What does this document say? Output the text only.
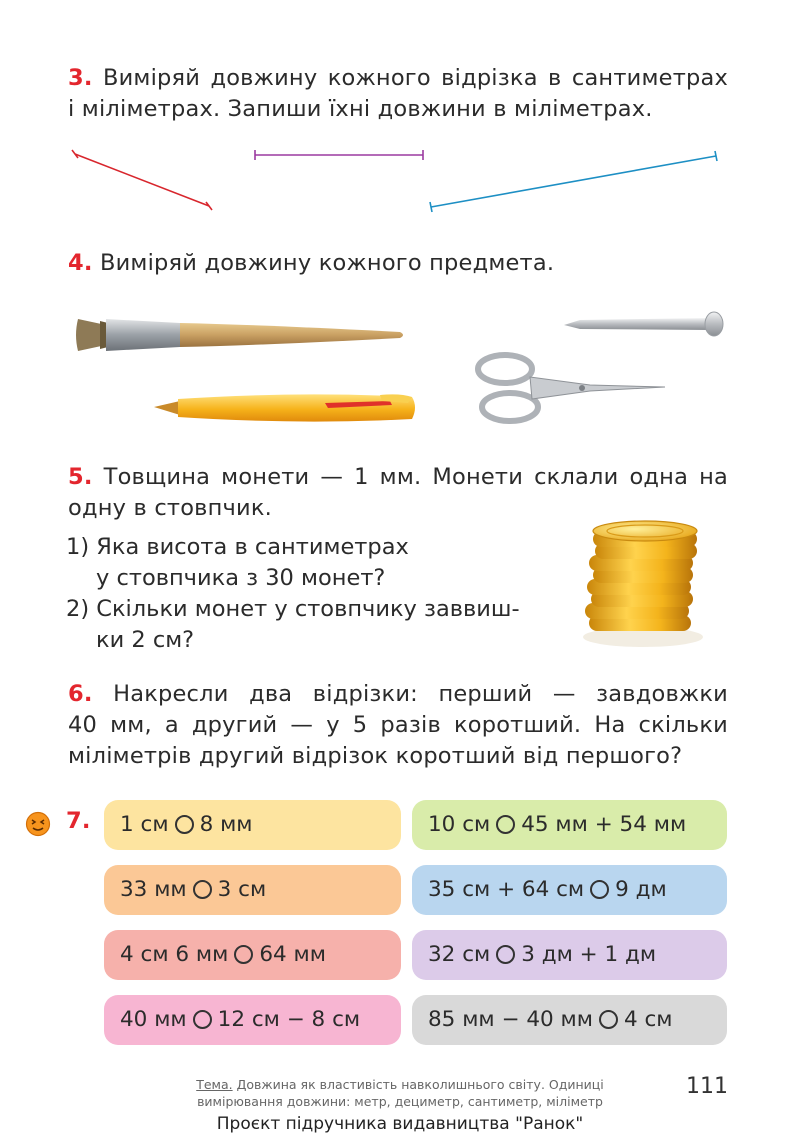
3. Виміряй довжину кожного відрізка в сантиметрах
і міліметрах. Запиши їхні довжини в міліметрах.
4. Виміряй довжину кожного предмета.
5. Товщина монети — 1 мм. Монети склали одна на
одну в стовпчик.
1) Яка висота в сантиметрах
у стовпчика з 30 монет?
2) Скільки монет у стовпчику заввиш-
ки 2 см?
6. Накресли два відрізки: перший — завдовжки
40 мм, а другий — у 5 разів коротший. На скільки
міліметрів другий відрізок коротший від першого?
7.	1 см 8 мм	10 см 45 мм + 54 мм
33 мм 3 см	35 см + 64 см 9 дм
4 см 6 мм 64 мм	32 см 3 дм + 1 дм
40 мм 12 см − 8 см	85 мм − 40 мм 4 см
Тема. Довжина як властивість навколишнього світу. Одиниці
вимірювання довжини: метр, дециметр, сантиметр, міліметр
111
Проєкт підручника видавництва "Ранок"
